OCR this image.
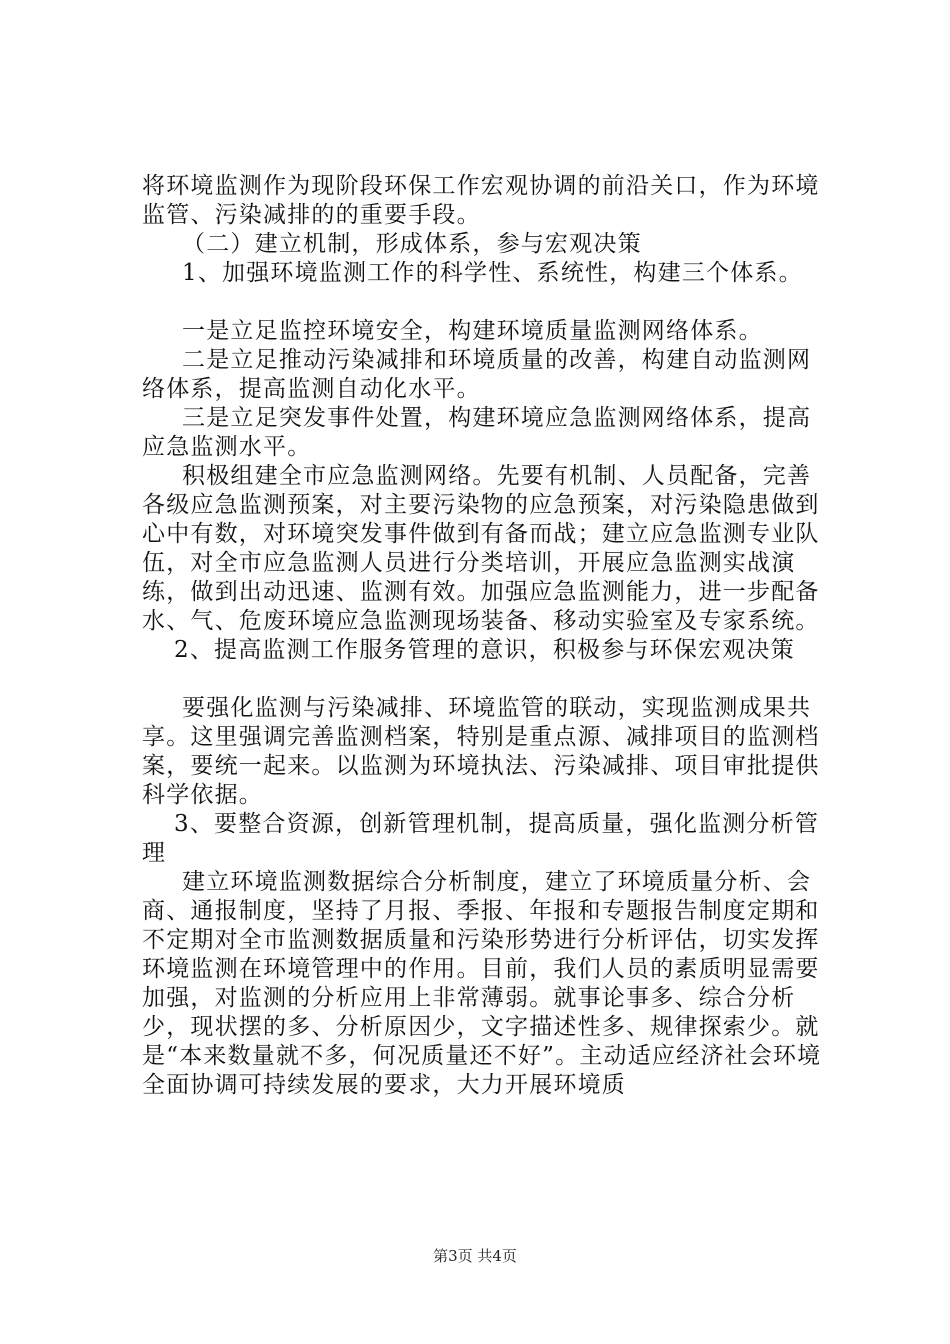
将环境监测作为现阶段环保工作宏观协调的前沿关口，作为环境监管、污染减排的的重要手段。

（二）建立机制，形成体系，参与宏观决策

1、加强环境监测工作的科学性、系统性，构建三个体系。

一是立足监控环境安全，构建环境质量监测网络体系。

二是立足推动污染减排和环境质量的改善，构建自动监测网络体系，提高监测自动化水平。

三是立足突发事件处置，构建环境应急监测网络体系，提高应急监测水平。

积极组建全市应急监测网络。先要有机制、人员配备，完善各级应急监测预案，对主要污染物的应急预案，对污染隐患做到心中有数，对环境突发事件做到有备而战；建立应急监测专业队伍，对全市应急监测人员进行分类培训，开展应急监测实战演练，做到出动迅速、监测有效。加强应急监测能力，进一步配备水、气、危废环境应急监测现场装备、移动实验室及专家系统。

2、提高监测工作服务管理的意识，积极参与环保宏观决策

要强化监测与污染减排、环境监管的联动，实现监测成果共享。这里强调完善监测档案，特别是重点源、减排项目的监测档案，要统一起来。以监测为环境执法、污染减排、项目审批提供科学依据。

3、要整合资源，创新管理机制，提高质量，强化监测分析管理

建立环境监测数据综合分析制度，建立了环境质量分析、会商、通报制度，坚持了月报、季报、年报和专题报告制度定期和不定期对全市监测数据质量和污染形势进行分析评估，切实发挥环境监测在环境管理中的作用。目前，我们人员的素质明显需要加强，对监测的分析应用上非常薄弱。就事论事多、综合分析少，现状摆的多、分析原因少，文字描述性多、规律探索少。就是“本来数量就不多，何况质量还不好”。主动适应经济社会环境全面协调可持续发展的要求，大力开展环境质

第3页 共4页
